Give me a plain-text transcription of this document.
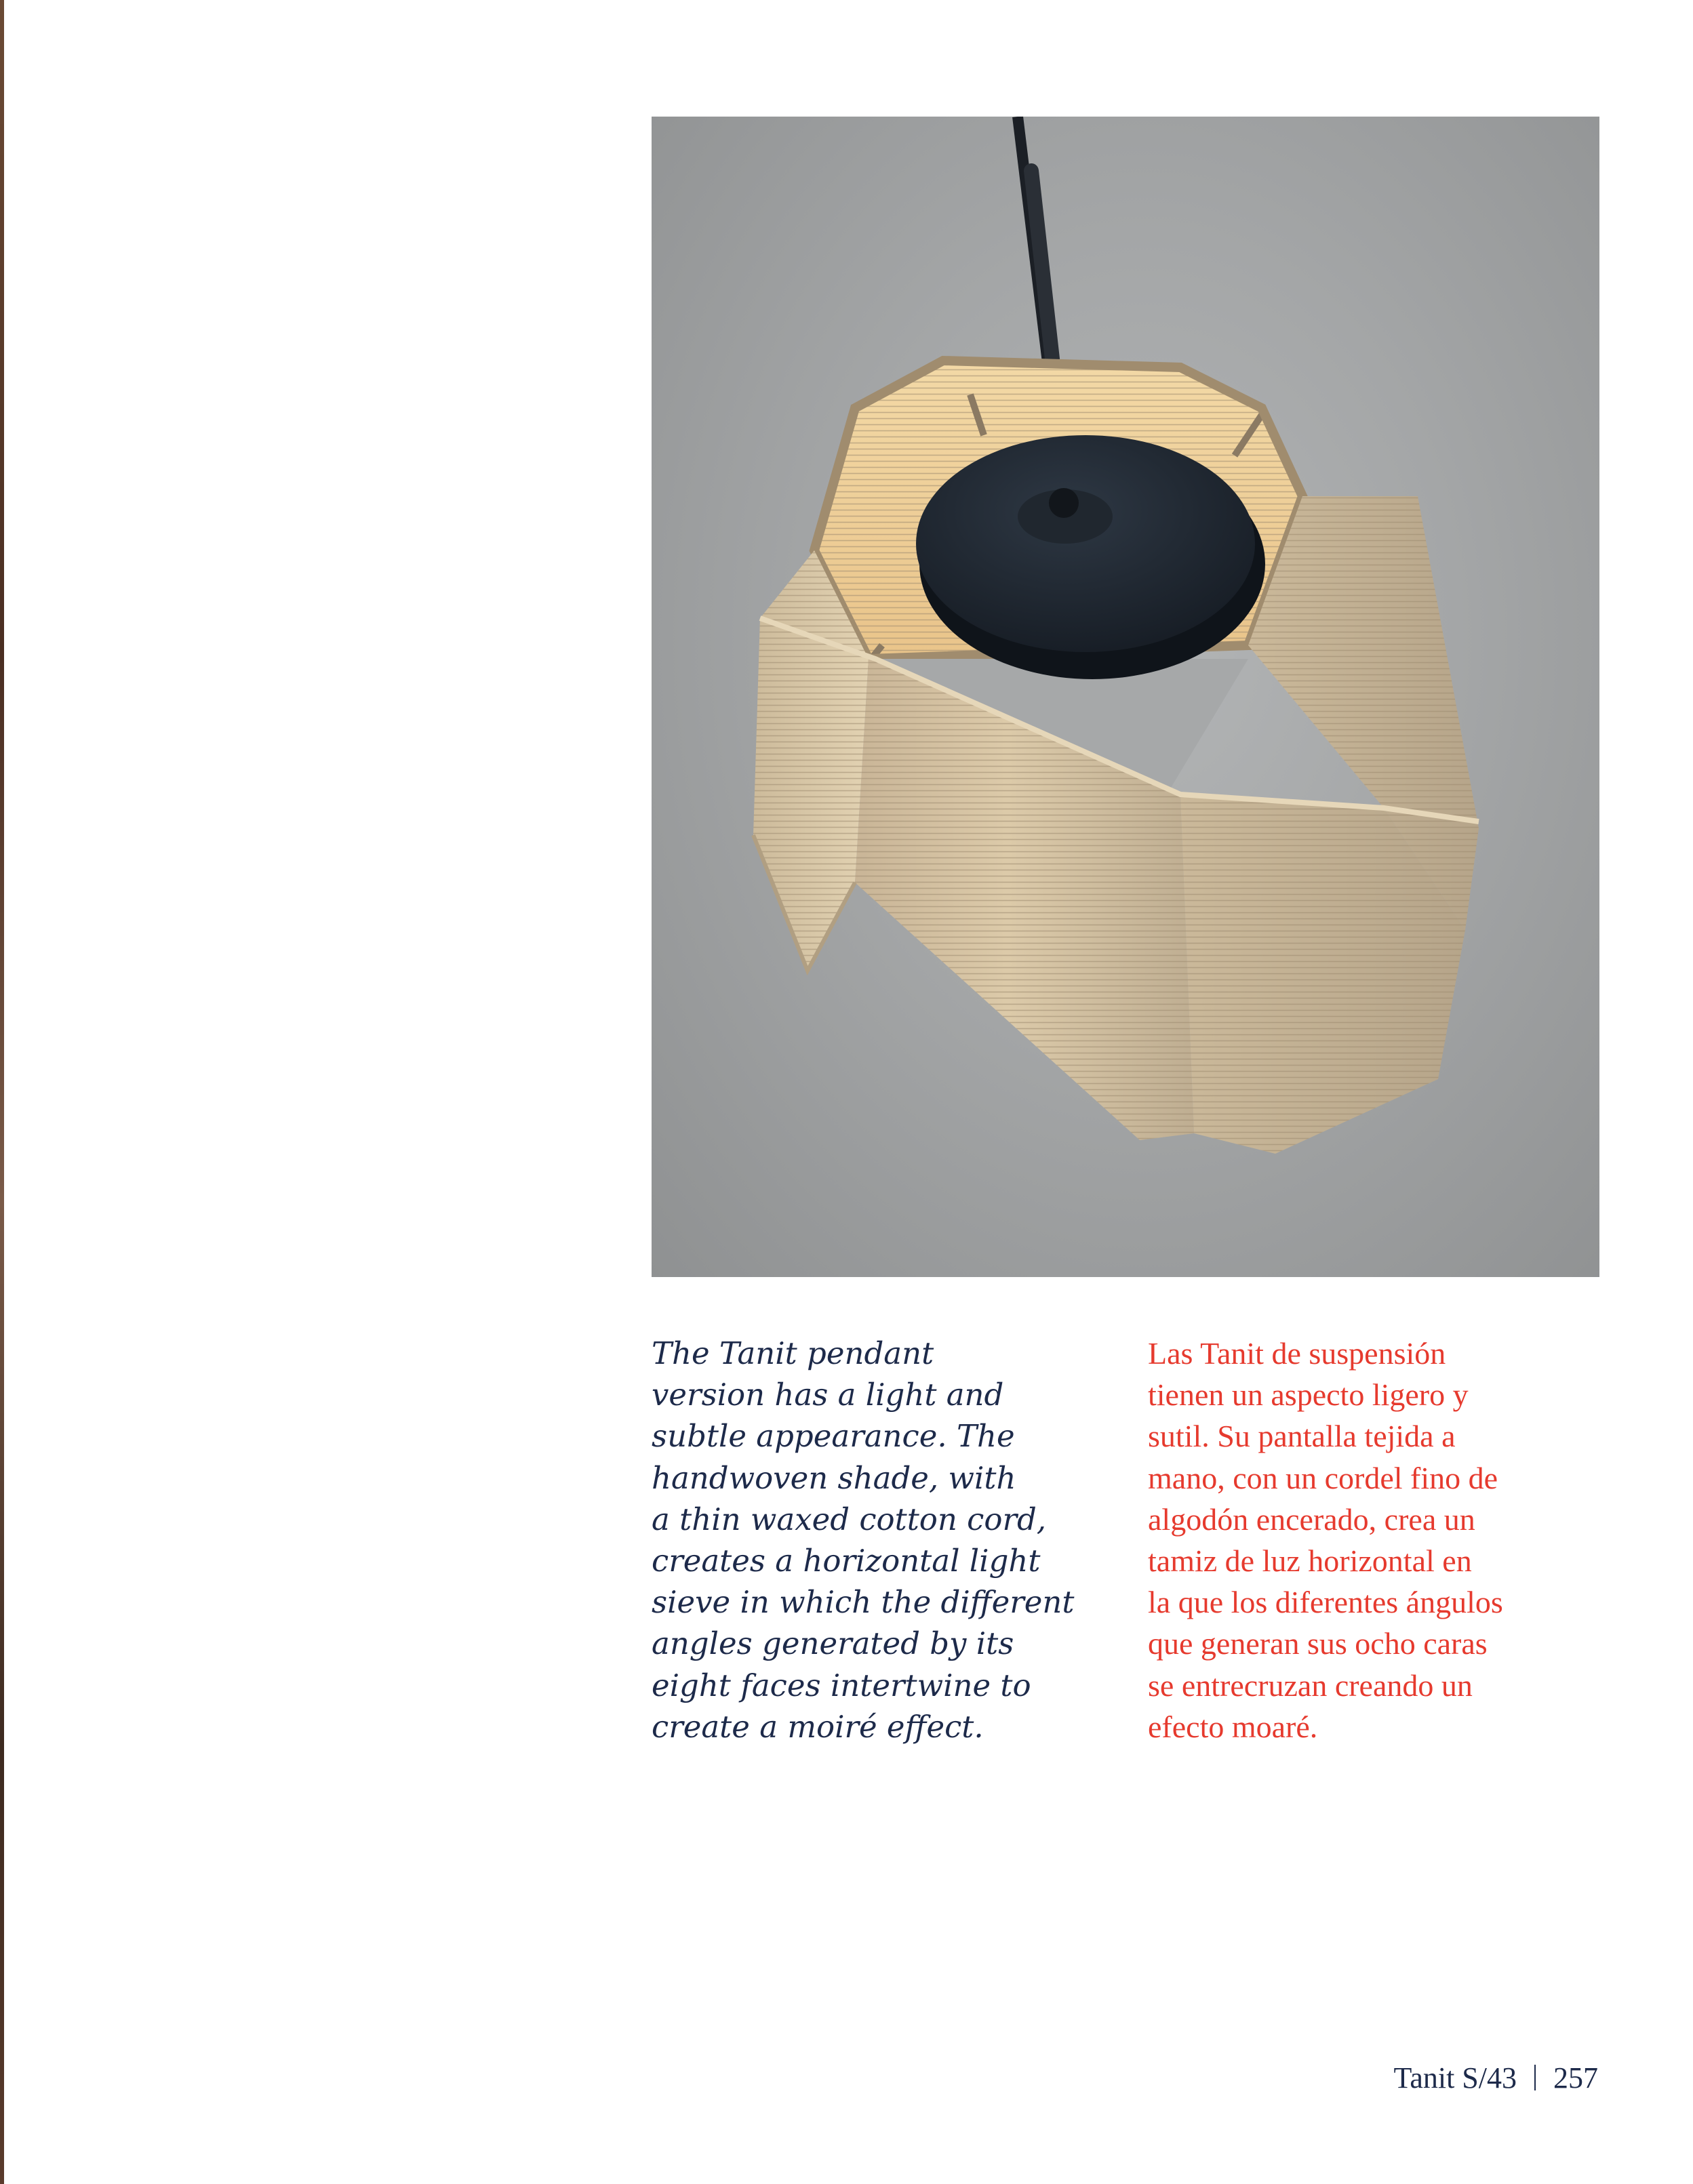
The Tanit pendant
version has a light and
subtle appearance. The
handwoven shade, with
a thin waxed cotton cord,
creates a horizontal light
sieve in which the different
angles generated by its
eight faces intertwine to
create a moiré effect.
Las Tanit de suspensión
tienen un aspecto ligero y
sutil. Su pantalla tejida a
mano, con un cordel fino de
algodón encerado, crea un
tamiz de luz horizontal en
la que los diferentes ángulos
que generan sus ocho caras
se entrecruzan creando un
efecto moaré.
Tanit S/43 257
